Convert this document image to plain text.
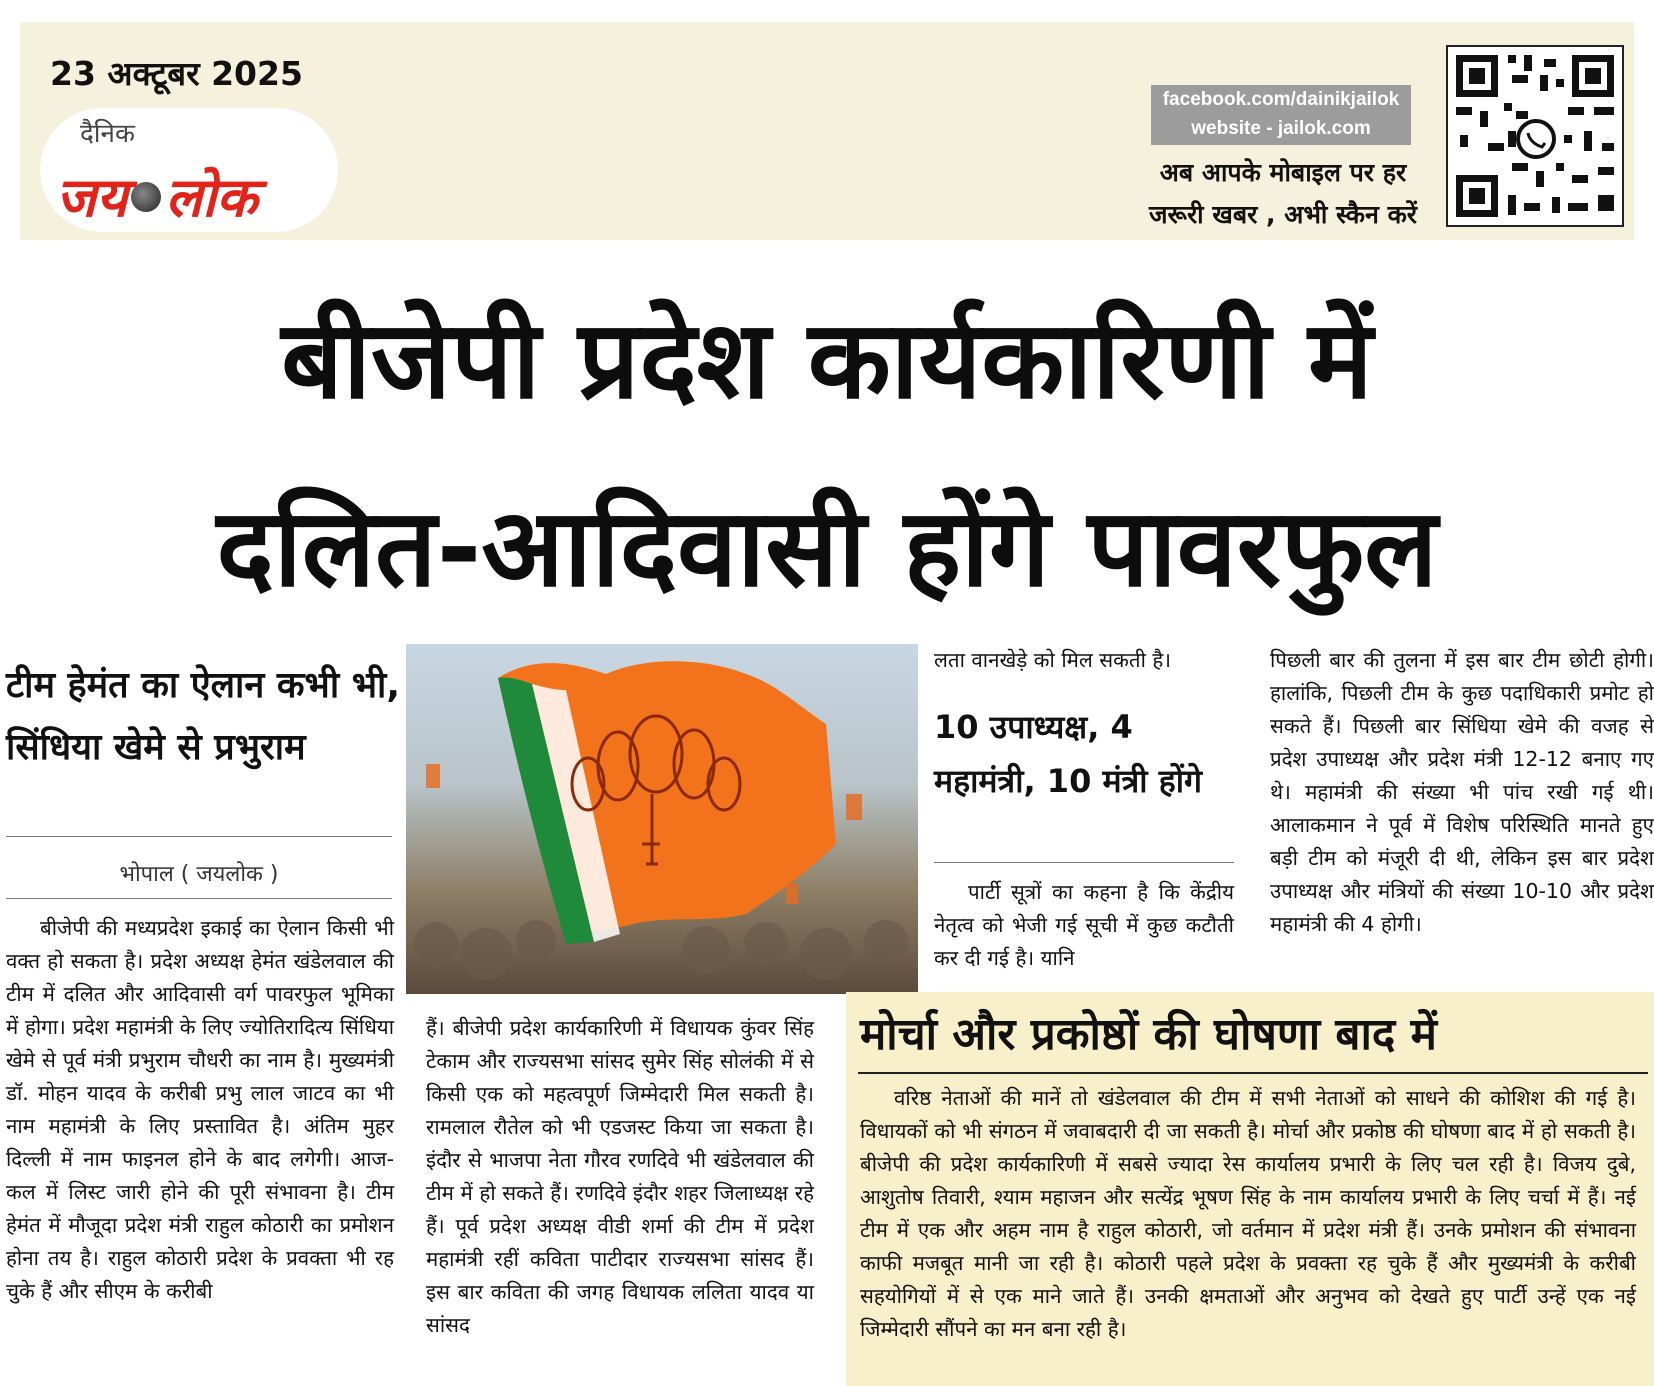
23 अक्टूबर 2025
दैनिक
जय लोक
facebook.com/dainikjailok
website - jailok.com
अब आपके मोबाइल पर हर
जरूरी खबर , अभी स्कैन करें
बीजेपी प्रदेश कार्यकारिणी में
दलित-आदिवासी होंगे पावरफुल
टीम हेमंत का ऐलान कभी भी, सिंधिया खेमे से प्रभुराम
भोपाल ( जयलोक )
बीजेपी की मध्यप्रदेश इकाई का ऐलान किसी भी वक्त हो सकता है। प्रदेश अध्यक्ष हेमंत खंडेलवाल की टीम में दलित और आदिवासी वर्ग पावरफुल भूमिका में होगा। प्रदेश महामंत्री के लिए ज्योतिरादित्य सिंधिया खेमे से पूर्व मंत्री प्रभुराम चौधरी का नाम है। मुख्यमंत्री डॉ. मोहन यादव के करीबी प्रभु लाल जाटव का भी नाम महामंत्री के लिए प्रस्तावित है। अंतिम मुहर दिल्ली में नाम फाइनल होने के बाद लगेगी। आज-कल में लिस्ट जारी होने की पूरी संभावना है। टीम हेमंत में मौजूदा प्रदेश मंत्री राहुल कोठारी का प्रमोशन होना तय है। राहुल कोठारी प्रदेश के प्रवक्ता भी रह चुके हैं और सीएम के करीबी
हैं। बीजेपी प्रदेश कार्यकारिणी में विधायक कुंवर सिंह टेकाम और राज्यसभा सांसद सुमेर सिंह सोलंकी में से किसी एक को महत्वपूर्ण जिम्मेदारी मिल सकती है। रामलाल रौतेल को भी एडजस्ट किया जा सकता है। इंदौर से भाजपा नेता गौरव रणदिवे भी खंडेलवाल की टीम में हो सकते हैं। रणदिवे इंदौर शहर जिलाध्यक्ष रहे हैं। पूर्व प्रदेश अध्यक्ष वीडी शर्मा की टीम में प्रदेश महामंत्री रहीं कविता पाटीदार राज्यसभा सांसद हैं। इस बार कविता की जगह विधायक ललिता यादव या सांसद
लता वानखेड़े को मिल सकती है।
10 उपाध्यक्ष, 4 महामंत्री, 10 मंत्री होंगे
पार्टी सूत्रों का कहना है कि केंद्रीय नेतृत्व को भेजी गई सूची में कुछ कटौती कर दी गई है। यानि
पिछली बार की तुलना में इस बार टीम छोटी होगी। हालांकि, पिछली टीम के कुछ पदाधिकारी प्रमोट हो सकते हैं। पिछली बार सिंधिया खेमे की वजह से प्रदेश उपाध्यक्ष और प्रदेश मंत्री 12-12 बनाए गए थे। महामंत्री की संख्या भी पांच रखी गई थी। आलाकमान ने पूर्व में विशेष परिस्थिति मानते हुए बड़ी टीम को मंजूरी दी थी, लेकिन इस बार प्रदेश उपाध्यक्ष और मंत्रियों की संख्या 10-10 और प्रदेश महामंत्री की 4 होगी।
मोर्चा और प्रकोष्ठों की घोषणा बाद में
वरिष्ठ नेताओं की मानें तो खंडेलवाल की टीम में सभी नेताओं को साधने की कोशिश की गई है। विधायकों को भी संगठन में जवाबदारी दी जा सकती है। मोर्चा और प्रकोष्ठ की घोषणा बाद में हो सकती है। बीजेपी की प्रदेश कार्यकारिणी में सबसे ज्यादा रेस कार्यालय प्रभारी के लिए चल रही है। विजय दुबे, आशुतोष तिवारी, श्याम महाजन और सत्येंद्र भूषण सिंह के नाम कार्यालय प्रभारी के लिए चर्चा में हैं। नई टीम में एक और अहम नाम है राहुल कोठारी, जो वर्तमान में प्रदेश मंत्री हैं। उनके प्रमोशन की संभावना काफी मजबूत मानी जा रही है। कोठारी पहले प्रदेश के प्रवक्ता रह चुके हैं और मुख्यमंत्री के करीबी सहयोगियों में से एक माने जाते हैं। उनकी क्षमताओं और अनुभव को देखते हुए पार्टी उन्हें एक नई जिम्मेदारी सौंपने का मन बना रही है।
